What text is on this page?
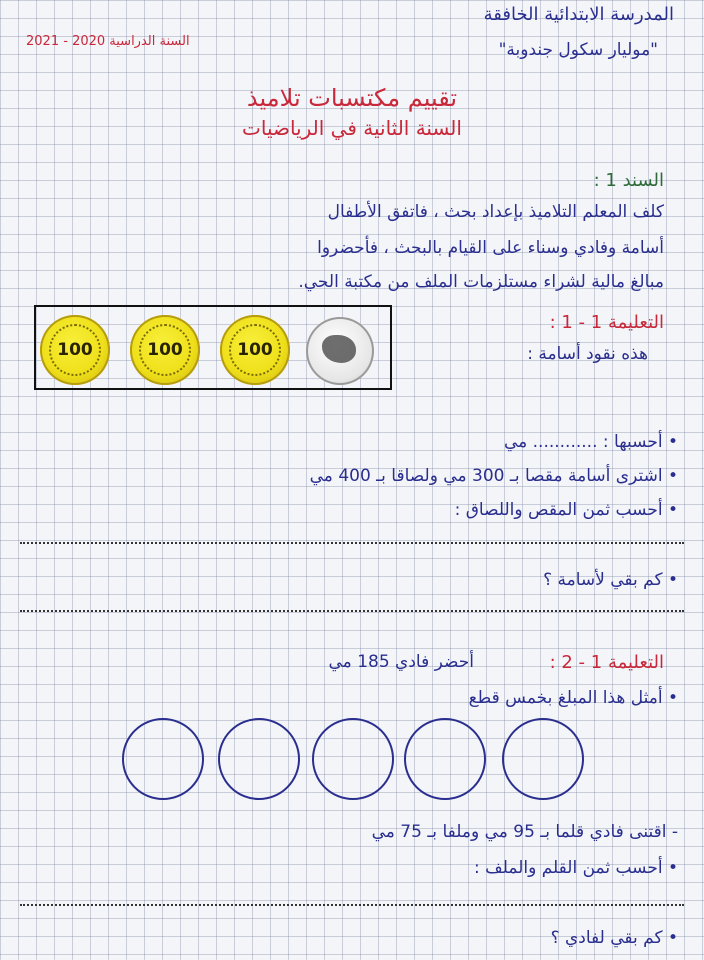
المدرسة الابتدائية الخافقة
"موليار سكول جندوبة"
السنة الدراسية 2020 - 2021
تقييم مكتسبات تلاميذ
السنة الثانية في الرياضيات
السند 1 :
كلف المعلم التلاميذ بإعداد بحث ، فاتفق الأطفال
أسامة وفادي وسناء على القيام بالبحث ، فأحضروا
مبالغ مالية لشراء مستلزمات الملف من مكتبة الحي.
100	100	100
التعليمة 1 - 1 :
هذه نقود أسامة :
• أحسبها : ............ مي
• اشترى أسامة مقصا بـ 300 مي ولصاقا بـ 400 مي
• أحسب ثمن المقص واللصاق :
• كم بقي لأسامة ؟
أحضر فادي 185 مي	التعليمة 1 - 2 :
• أمثل هذا المبلغ بخمس قطع
- اقتنى فادي قلما بـ 95 مي وملفا بـ 75 مي
• أحسب ثمن القلم والملف :
• كم بقي لفادي ؟
